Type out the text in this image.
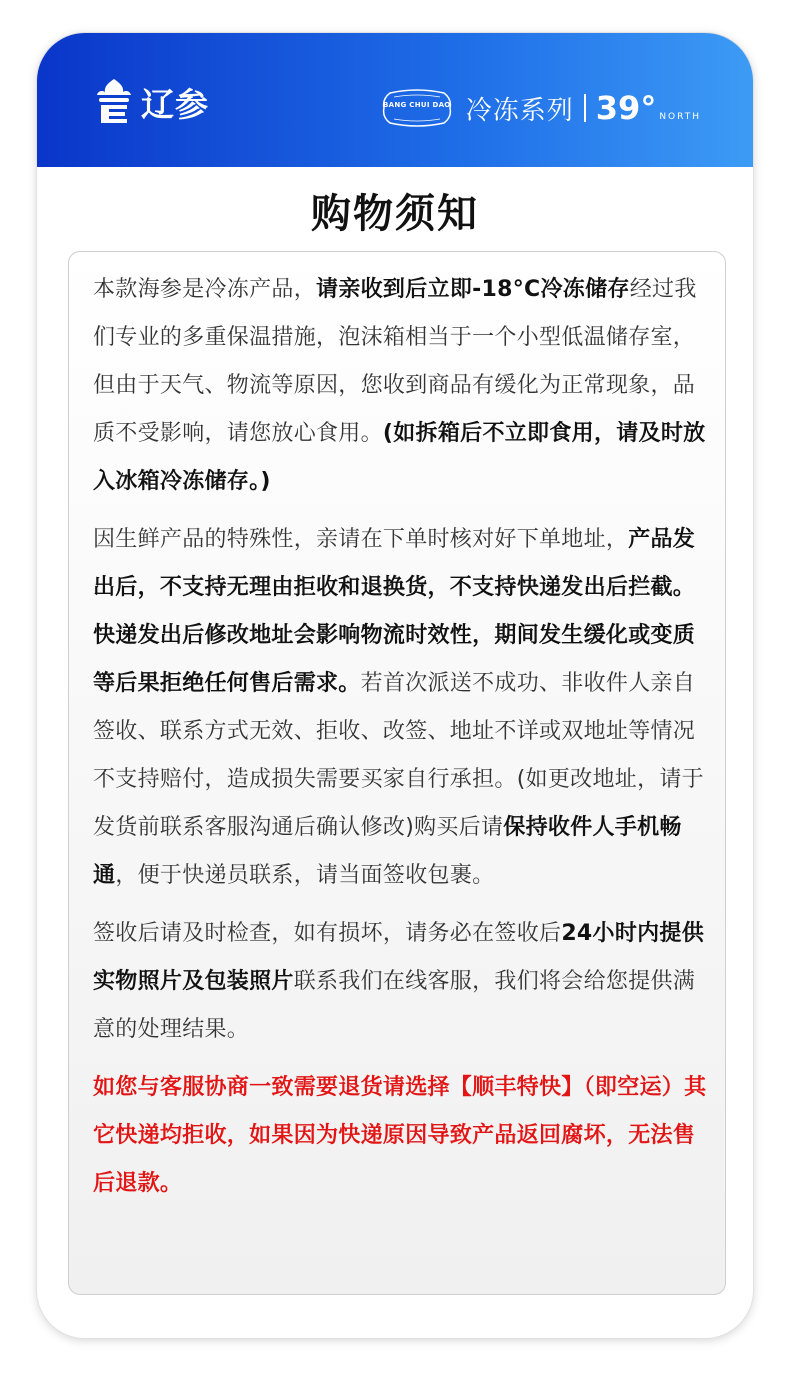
辽参	BANG CHUI DAO 冷冻系列 39° NORTH
购物须知

本款海参是冷冻产品，请亲收到后立即-18°C冷冻储存经过我们专业的多重保温措施，泡沫箱相当于一个小型低温储存室，但由于天气、物流等原因，您收到商品有缓化为正常现象，品质不受影响，请您放心食用。(如拆箱后不立即食用，请及时放入冰箱冷冻储存。)

因生鲜产品的特殊性，亲请在下单时核对好下单地址，产品发出后，不支持无理由拒收和退换货，不支持快递发出后拦截。快递发出后修改地址会影响物流时效性，期间发生缓化或变质等后果拒绝任何售后需求。若首次派送不成功、非收件人亲自签收、联系方式无效、拒收、改签、地址不详或双地址等情况不支持赔付，造成损失需要买家自行承担。(如更改地址，请于发货前联系客服沟通后确认修改)购买后请保持收件人手机畅通，便于快递员联系，请当面签收包裹。

签收后请及时检查，如有损坏，请务必在签收后24小时内提供实物照片及包装照片联系我们在线客服，我们将会给您提供满意的处理结果。

如您与客服协商一致需要退货请选择【顺丰特快】（即空运）其它快递均拒收，如果因为快递原因导致产品返回腐坏，无法售后退款。
